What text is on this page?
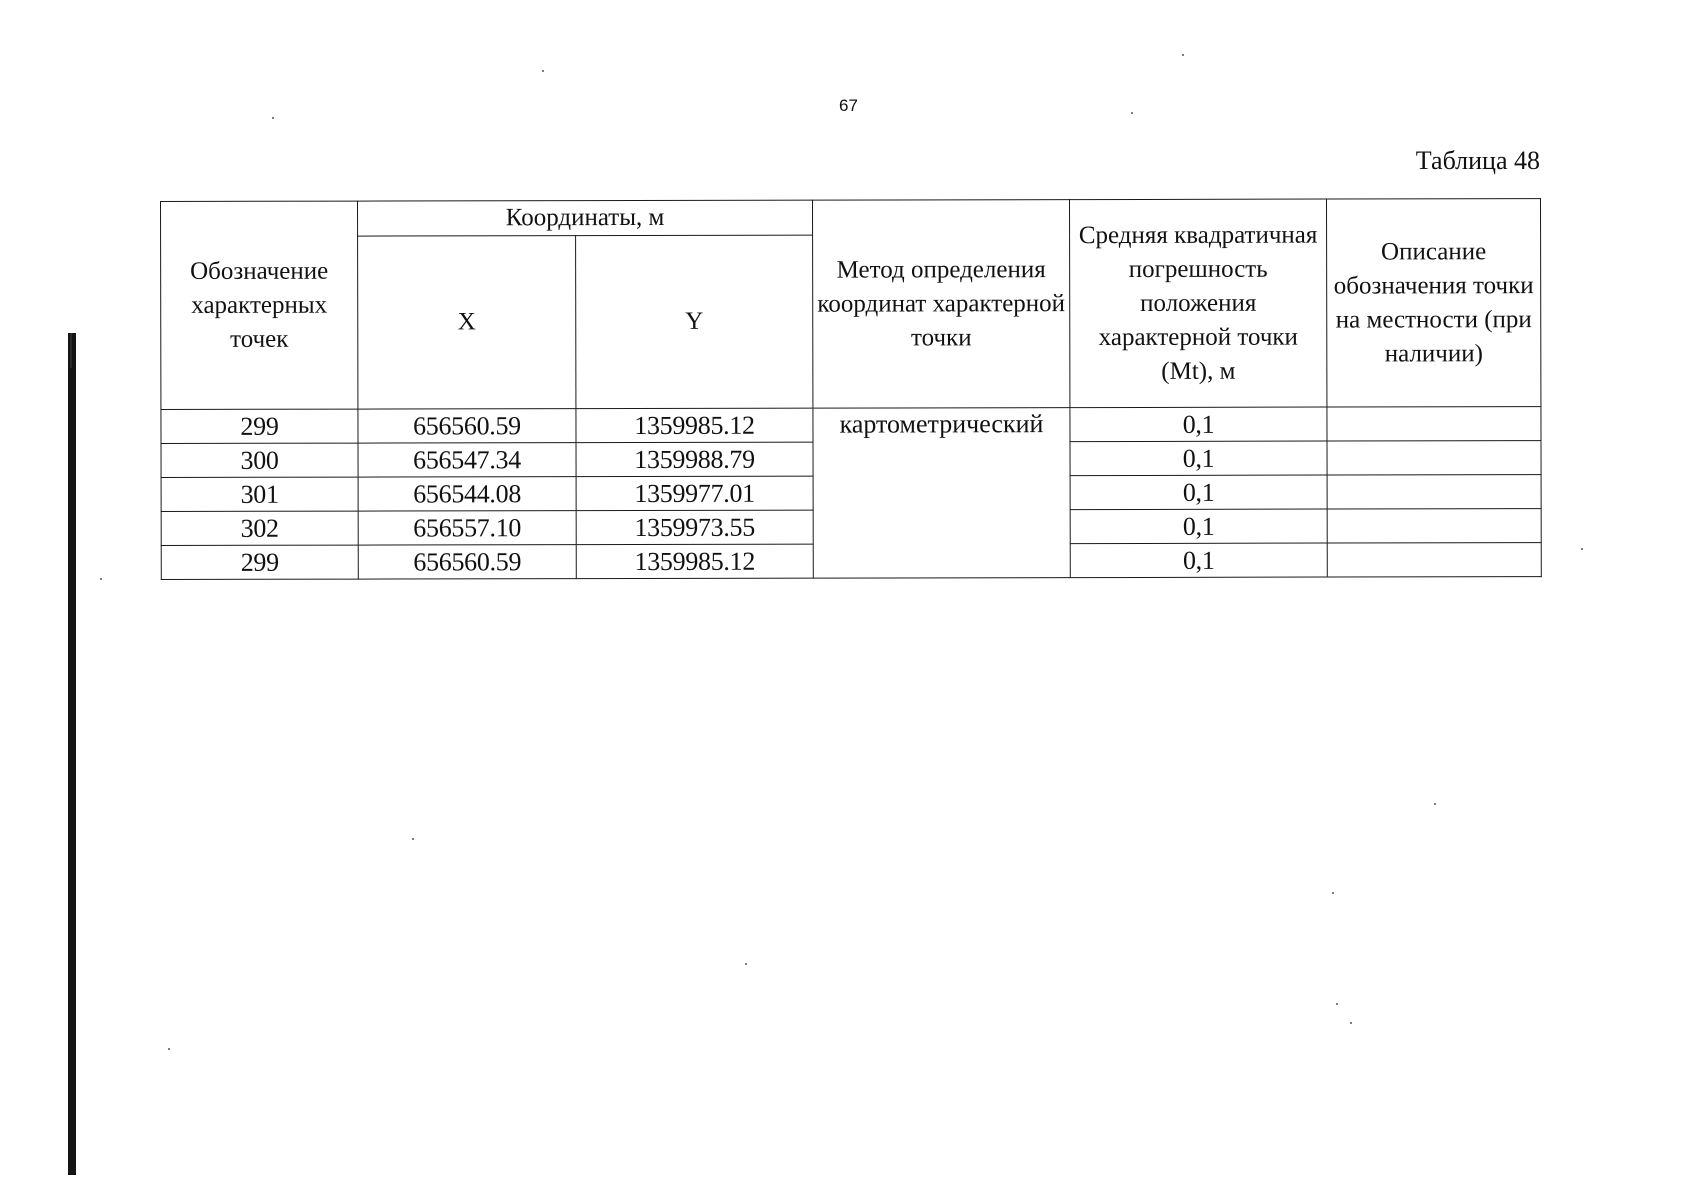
67
Таблица 48
Обозначение характерных точек	Координаты, м		Метод определения координат характерной точки	Средняя квадратичная погрешность положения характерной точки (Mt), м	Описание обозначения точки на местности (при наличии)
	X	Y			
299	656560.59	1359985.12	картометрический	0,1	
300	656547.34	1359988.79		0,1	
301	656544.08	1359977.01		0,1	
302	656557.10	1359973.55		0,1	
299	656560.59	1359985.12		0,1	
